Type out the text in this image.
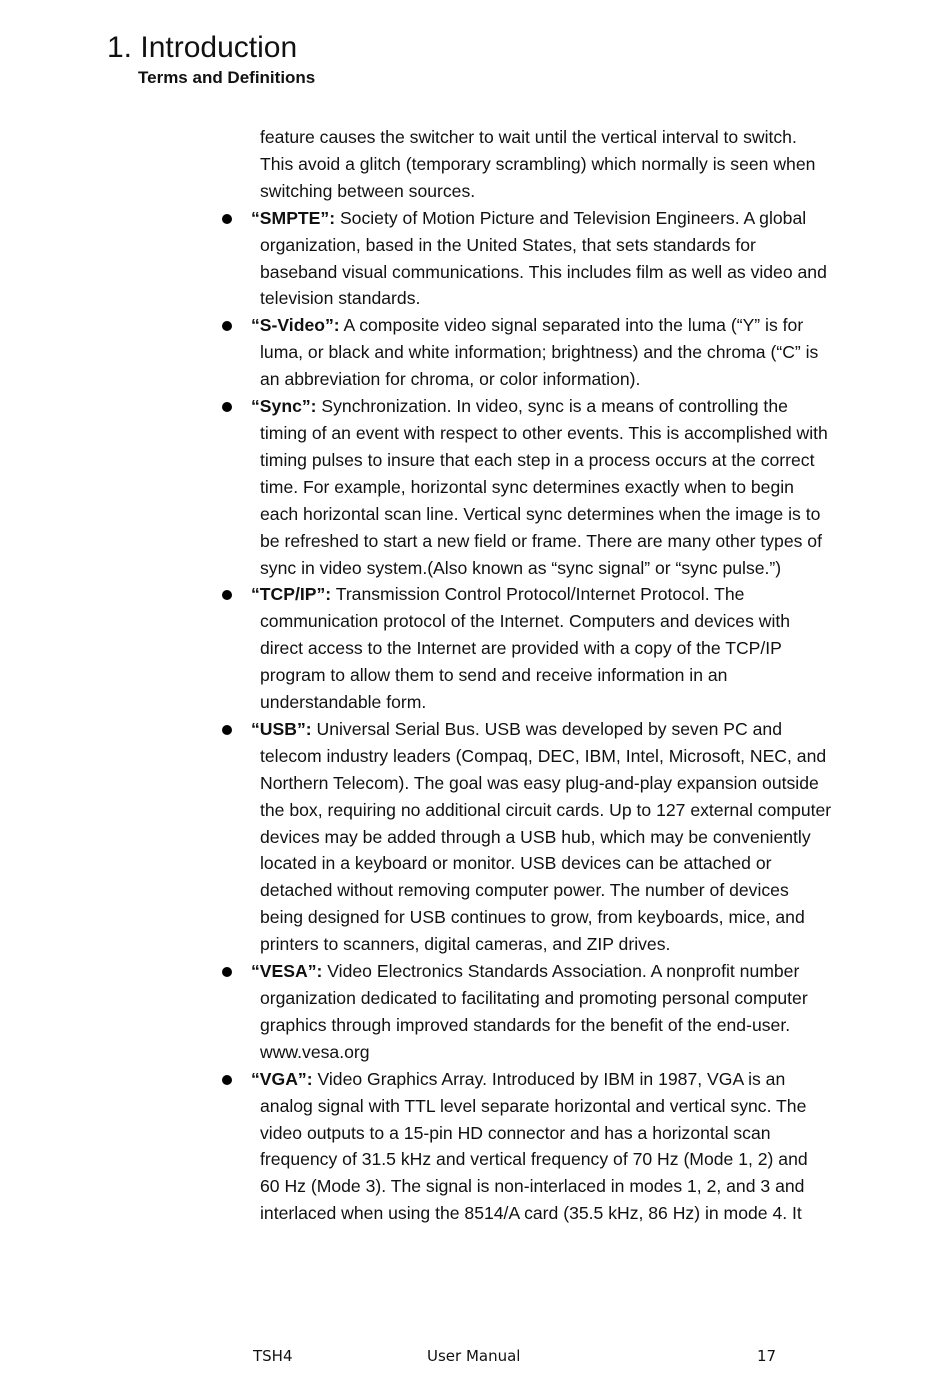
1. Introduction
Terms and Definitions

feature causes the switcher to wait until the vertical interval to switch. This avoid a glitch (temporary scrambling) which normally is seen when switching between sources.

“SMPTE”: Society of Motion Picture and Television Engineers. A global organization, based in the United States, that sets standards for baseband visual communications. This includes film as well as video and television standards.
“S-Video”: A composite video signal separated into the luma (“Y” is for luma, or black and white information; brightness) and the chroma (“C” is an abbreviation for chroma, or color information).
“Sync”: Synchronization. In video, sync is a means of controlling the timing of an event with respect to other events. This is accomplished with timing pulses to insure that each step in a process occurs at the correct time. For example, horizontal sync determines exactly when to begin each horizontal scan line. Vertical sync determines when the image is to be refreshed to start a new field or frame. There are many other types of sync in video system.(Also known as “sync signal” or “sync pulse.”)
“TCP/IP”: Transmission Control Protocol/Internet Protocol. The communication protocol of the Internet. Computers and devices with direct access to the Internet are provided with a copy of the TCP/IP program to allow them to send and receive information in an understandable form.
“USB”: Universal Serial Bus. USB was developed by seven PC and telecom industry leaders (Compaq, DEC, IBM, Intel, Microsoft, NEC, and Northern Telecom). The goal was easy plug-and-play expansion outside the box, requiring no additional circuit cards. Up to 127 external computer devices may be added through a USB hub, which may be conveniently located in a keyboard or monitor. USB devices can be attached or detached without removing computer power. The number of devices being designed for USB continues to grow, from keyboards, mice, and printers to scanners, digital cameras, and ZIP drives.
“VESA”: Video Electronics Standards Association. A nonprofit number organization dedicated to facilitating and promoting personal computer graphics through improved standards for the benefit of the end-user. www.vesa.org
“VGA”: Video Graphics Array. Introduced by IBM in 1987, VGA is an analog signal with TTL level separate horizontal and vertical sync. The video outputs to a 15-pin HD connector and has a horizontal scan frequency of 31.5 kHz and vertical frequency of 70 Hz (Mode 1, 2) and 60 Hz (Mode 3). The signal is non-interlaced in modes 1, 2, and 3 and interlaced when using the 8514/A card (35.5 kHz, 86 Hz) in mode 4. It
TSH4	User Manual	17
